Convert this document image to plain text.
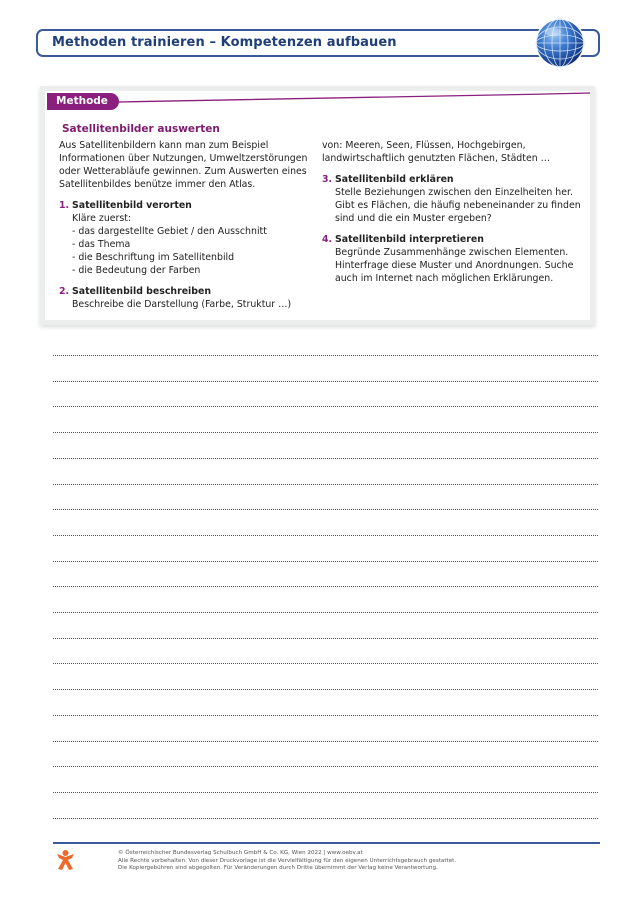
Methoden trainieren – Kompetenzen aufbauen
Methode
Satellitenbilder auswerten

Aus Satellitenbildern kann man zum Beispiel
Informationen über Nutzungen, Umweltzerstörungen
oder Wetterabläufe gewinnen. Zum Auswerten eines
Satellitenbildes benütze immer den Atlas.

1. Satellitenbild verorten
Kläre zuerst:
- das dargestellte Gebiet / den Ausschnitt
- das Thema
- die Beschriftung im Satellitenbild
- die Bedeutung der Farben
2. Satellitenbild beschreiben
Beschreibe die Darstellung (Farbe, Struktur …)

von: Meeren, Seen, Flüssen, Hochgebirgen,
landwirtschaftlich genutzten Flächen, Städten …

3. Satellitenbild erklären
Stelle Beziehungen zwischen den Einzelheiten her.
Gibt es Flächen, die häufig nebeneinander zu finden
sind und die ein Muster ergeben?
4. Satellitenbild interpretieren
Begründe Zusammenhänge zwischen Elementen.
Hinterfrage diese Muster und Anordnungen. Suche
auch im Internet nach möglichen Erklärungen.
© Österreichischer Bundesverlag Schulbuch GmbH & Co. KG, Wien 2022 | www.oebv.at
Alle Rechte vorbehalten. Von dieser Druckvorlage ist die Vervielfältigung für den eigenen Unterrichtsgebrauch gestattet.
Die Kopiergebühren sind abgegolten. Für Veränderungen durch Dritte übernimmt der Verlag keine Verantwortung.
